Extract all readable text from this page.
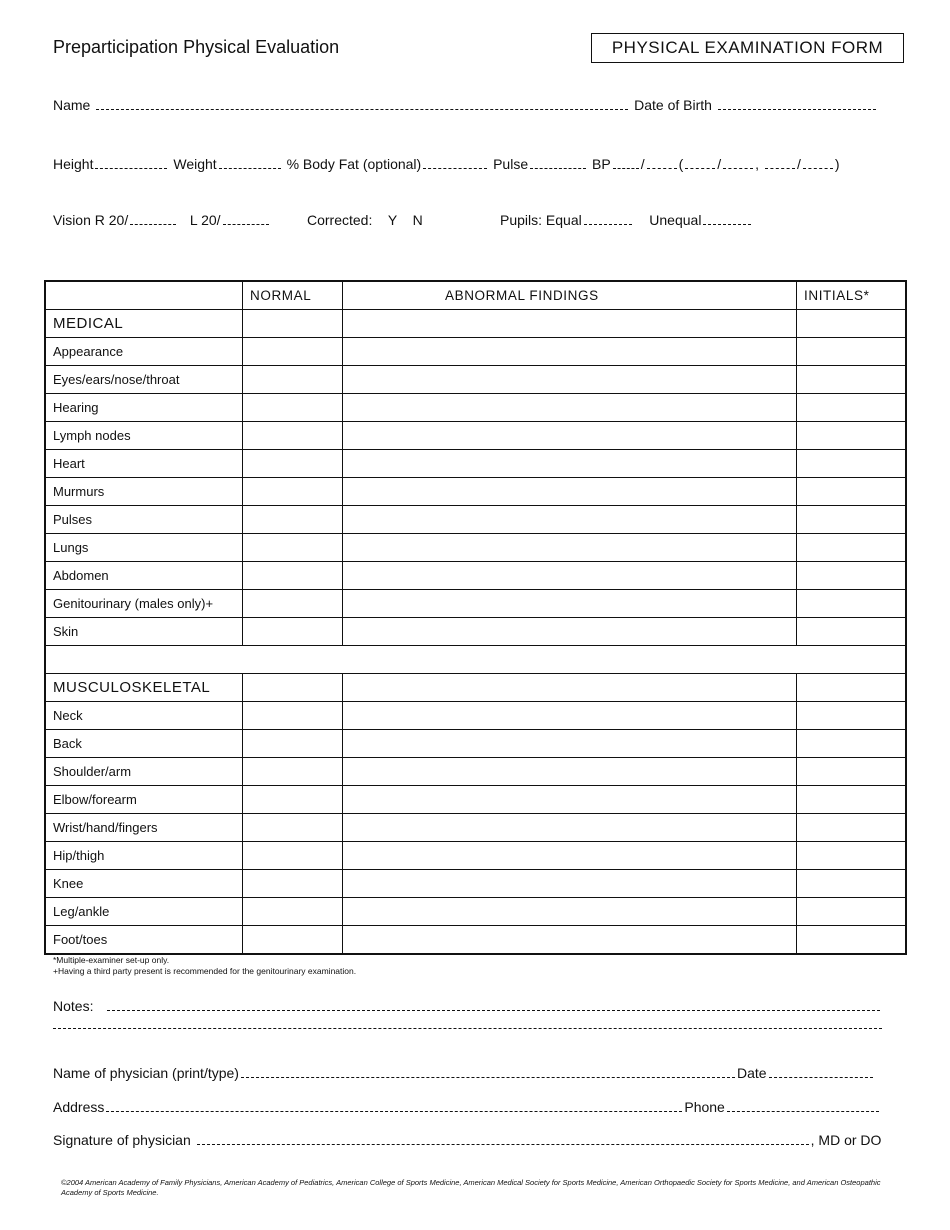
Preparticipation Physical Evaluation	PHYSICAL EXAMINATION FORM
Name	Date of Birth
Height	Weight	% Body Fat (optional)	Pulse	BP / ( / , / )
Vision R 20/	L 20/	Corrected: Y N	Pupils: Equal	Unequal
	NORMAL	ABNORMAL FINDINGS	INITIALS*
MEDICAL			
Appearance			
Eyes/ears/nose/throat			
Hearing			
Lymph nodes			
Heart			
Murmurs			
Pulses			
Lungs			
Abdomen			
Genitourinary (males only)+			
Skin			

MUSCULOSKELETAL			
Neck			
Back			
Shoulder/arm			
Elbow/forearm			
Wrist/hand/fingers			
Hip/thigh			
Knee			
Leg/ankle			
Foot/toes			
*Multiple-examiner set-up only.
+Having a third party present is recommended for the genitourinary examination.
Notes:
Name of physician (print/type)	Date
Address	Phone
Signature of physician	, MD or DO
©2004 American Academy of Family Physicians, American Academy of Pediatrics, American College of Sports Medicine, American Medical Society for Sports Medicine, American Orthopaedic Society for Sports Medicine, and American Osteopathic Academy of Sports Medicine.
